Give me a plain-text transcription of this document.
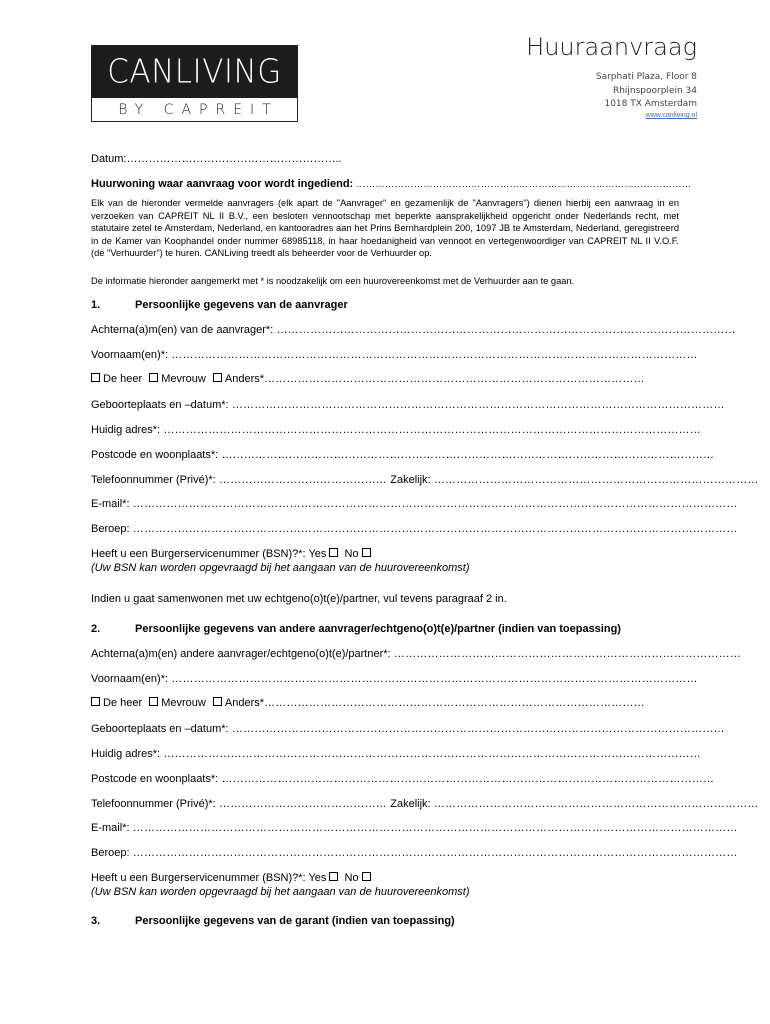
CANLIVING
BY CAPREIT
Huuraanvraag
Sarphati Plaza, Floor 8
Rhijnspoorplein 34
1018 TX Amsterdam
www.canliving.nl
Datum:…………………………………………………..
Huurwoning waar aanvraag voor wordt ingediend: ……………………………………………………………………………………………
Elk van de hieronder vermelde aanvragers (elk apart de "Aanvrager" en gezamenlijk de "Aanvragers") dienen hierbij een aanvraag in en verzoeken van CAPREIT NL II B.V., een besloten vennootschap met beperkte aansprakelijkheid opgericht onder Nederlands recht, met statutaire zetel te Amsterdam, Nederland, en kantooradres aan het Prins Bernhardplein 200, 1097 JB te Amsterdam, Nederland, geregistreerd in de Kamer van Koophandel onder nummer 68985118, in haar hoedanigheid van vennoot en vertegenwoordiger van CAPREIT NL II V.O.F. (de "Verhuurder") te huren. CANLiving treedt als beheerder voor de Verhuurder op.
De informatie hieronder aangemerkt met * is noodzakelijk om een huurovereenkomst met de Verhuurder aan te gaan.
1.	Persoonlijke gegevens van de aanvrager
Achterna(a)m(en) van de aanvrager*: ……………………………………………………………………………………………………………
Voornaam(en)*: ……………………………………………………………………………………………………………………………
De heer Mevrouw Anders*…………………………………………………………………………………………
Geboorteplaats en –datum*: ……………………………………………………………………………………………………………………
Huidig adres*: ………………………………………………………………………………………………………………………………
Postcode en woonplaats*: ……………………………………………………………………………………………………………………
Telefoonnummer (Privé)*: ……………………………………… Zakelijk: ……………………………………………………………………………
E-mail*: ………………………………………………………………………………………………………………………………………………
Beroep: ………………………………………………………………………………………………………………………………………………
Heeft u een Burgerservicenummer (BSN)?*: Yes No
(Uw BSN kan worden opgevraagd bij het aangaan van de huurovereenkomst)
Indien u gaat samenwonen met uw echtgeno(o)t(e)/partner, vul tevens paragraaf 2 in.
2.	Persoonlijke gegevens van andere aanvrager/echtgeno(o)t(e)/partner (indien van toepassing)
Achterna(a)m(en) andere aanvrager/echtgeno(o)t(e)/partner*: …………………………………………………………………………………
Voornaam(en)*: ……………………………………………………………………………………………………………………………
De heer Mevrouw Anders*…………………………………………………………………………………………
Geboorteplaats en –datum*: ……………………………………………………………………………………………………………………
Huidig adres*: ………………………………………………………………………………………………………………………………
Postcode en woonplaats*: ……………………………………………………………………………………………………………………
Telefoonnummer (Privé)*: ……………………………………… Zakelijk: ……………………………………………………………………………
E-mail*: ………………………………………………………………………………………………………………………………………………
Beroep: ………………………………………………………………………………………………………………………………………………
Heeft u een Burgerservicenummer (BSN)?*: Yes No
(Uw BSN kan worden opgevraagd bij het aangaan van de huurovereenkomst)
3.	Persoonlijke gegevens van de garant (indien van toepassing)
